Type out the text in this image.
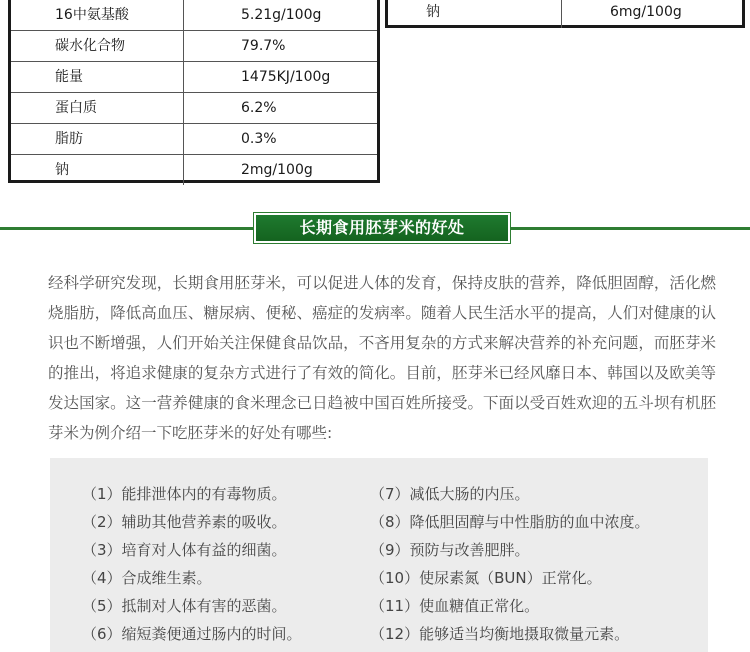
16中氨基酸	5.21g/100g
碳水化合物	79.7%
能量	1475KJ/100g
蛋白质	6.2%
脂肪	0.3%
钠	2mg/100g
钠	6mg/100g
长期食用胚芽米的好处
经科学研究发现，长期食用胚芽米，可以促进人体的发育，保持皮肤的营养，降低胆固醇，活化燃烧脂肪，降低高血压、糖尿病、便秘、癌症的发病率。随着人民生活水平的提高，人们对健康的认识也不断增强，人们开始关注保健食品饮品，不吝用复杂的方式来解决营养的补充问题，而胚芽米的推出，将追求健康的复杂方式进行了有效的简化。目前，胚芽米已经风靡日本、韩国以及欧美等发达国家。这一营养健康的食米理念已日趋被中国百姓所接受。下面以受百姓欢迎的五斗坝有机胚芽米为例介绍一下吃胚芽米的好处有哪些:
（1）能排泄体内的有毒物质。
（2）辅助其他营养素的吸收。
（3）培育对人体有益的细菌。
（4）合成维生素。
（5）抵制对人体有害的恶菌。
（6）缩短粪便通过肠内的时间。
（7）减低大肠的内压。
（8）降低胆固醇与中性脂肪的血中浓度。
（9）预防与改善肥胖。
（10）使尿素氮（BUN）正常化。
（11）使血糖值正常化。
（12）能够适当均衡地摄取微量元素。
